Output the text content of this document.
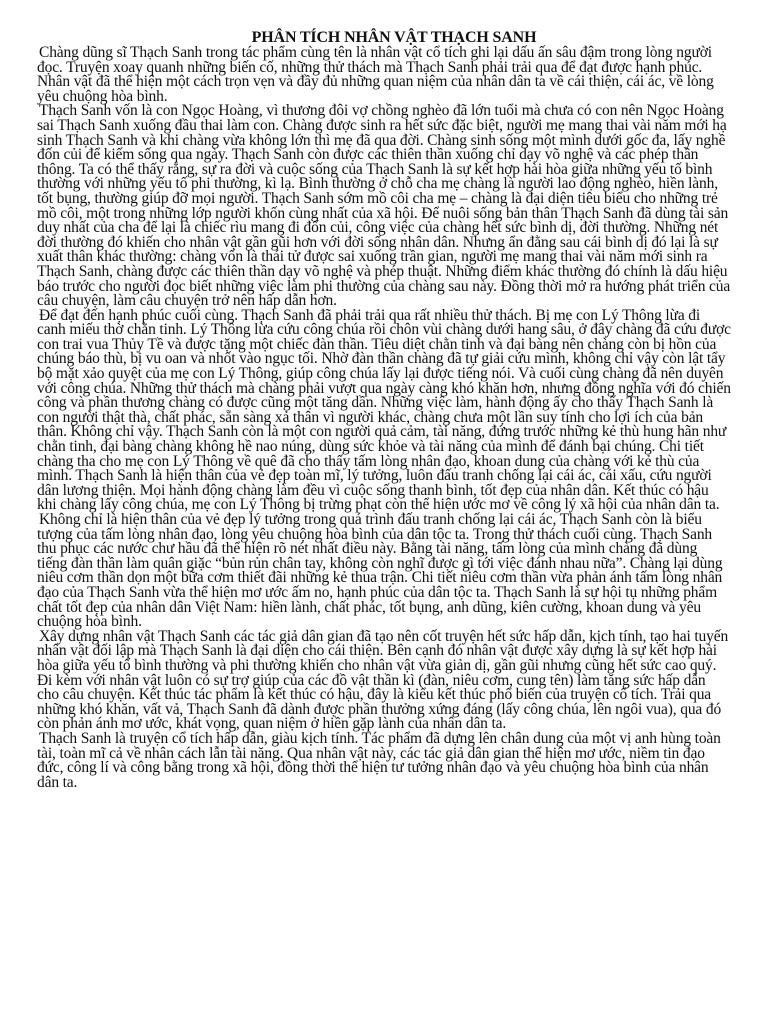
PHÂN TÍCH NHÂN VẬT THẠCH SANH

Chàng dũng sĩ Thạch Sanh trong tác phẩm cùng tên là nhân vật cổ tích ghi lại dấu ấn sâu đậm trong lòng người đọc. Truyện xoay quanh những biến cố, những thử thách mà Thạch Sanh phải trải qua để đạt được hạnh phúc. Nhân vật đã thể hiện một cách trọn vẹn và đầy đủ những quan niệm của nhân dân ta về cái thiện, cái ác, về lòng yêu chuộng hòa bình.

Thạch Sanh vốn là con Ngọc Hoàng, vì thương đôi vợ chồng nghèo đã lớn tuổi mà chưa có con nên Ngọc Hoàng sai Thạch Sanh xuống đầu thai làm con. Chàng được sinh ra hết sức đặc biệt, người mẹ mang thai vài năm mới hạ sinh Thạch Sanh và khi chàng vừa không lớn thì mẹ đã qua đời. Chàng sinh sống một mình dưới gốc đa, lấy nghề đốn củi để kiếm sống qua ngày. Thạch Sanh còn được các thiên thần xuống chỉ dạy võ nghệ và các phép thần thông. Ta có thể thấy rằng, sự ra đời và cuộc sống của Thạch Sanh là sự kết hợp hài hòa giữa những yếu tố bình thường với những yếu tố phi thường, kì lạ. Bình thường ở chỗ cha mẹ chàng là người lao động nghèo, hiền lành, tốt bụng, thường giúp đỡ mọi người. Thạch Sanh sớm mồ côi cha mẹ – chàng là đại diện tiêu biểu cho những trẻ mồ côi, một trong những lớp người khốn cùng nhất của xã hội. Để nuôi sống bản thân Thạch Sanh đã dùng tài sản duy nhất của cha để lại là chiếc rìu mang đi đốn củi, công việc của chàng hết sức bình dị, đời thường. Những nét đời thường đó khiến cho nhân vật gần gũi hơn với đời sống nhân dân. Nhưng ẩn đằng sau cái bình dị đó lại là sự xuất thân khác thường: chàng vốn là thái tử được sai xuống trần gian, người mẹ mang thai vài năm mới sinh ra Thạch Sanh, chàng được các thiên thần dạy võ nghệ và phép thuật. Những điểm khác thường đó chính là dấu hiệu báo trước cho người đọc biết những việc làm phi thường của chàng sau này. Đồng thời mở ra hướng phát triển của câu chuyện, làm câu chuyện trở nên hấp dẫn hơn.

Để đạt đến hạnh phúc cuối cùng. Thạch Sanh đã phải trải qua rất nhiều thử thách. Bị mẹ con Lý Thông lừa đi canh miếu thờ chằn tinh. Lý Thông lừa cứu công chúa rồi chôn vùi chàng dưới hang sâu, ở đây chàng đã cứu được con trai vua Thủy Tề và được tặng một chiếc đàn thần. Tiêu diệt chằn tinh và đại bàng nên chàng còn bị hồn của chúng báo thù, bị vu oan và nhốt vào ngục tối. Nhờ đàn thần chàng đã tự giải cứu mình, không chỉ vậy còn lật tẩy bộ mặt xảo quyệt của mẹ con Lý Thông, giúp công chúa lấy lại được tiếng nói. Và cuối cùng chàng đã nên duyên với công chúa. Những thử thách mà chàng phải vượt qua ngày càng khó khăn hơn, nhưng đồng nghĩa với đó chiến công và phần thương chàng có được cũng một tăng dần. Những việc làm, hành động ấy cho thấy Thạch Sanh là con người thật thà, chất phác, sẵn sàng xả thân vì người khác, chàng chưa một lần suy tính cho lợi ích của bản thân. Không chỉ vậy. Thạch Sanh còn là một con người quả cảm, tài năng, đứng trước những kẻ thù hung hãn như chằn tinh, đại bàng chàng không hề nao núng, dùng sức khỏe và tài năng của mình để đánh bại chúng. Chi tiết chàng tha cho mẹ con Lý Thông về quê đã cho thấy tấm lòng nhân đạo, khoan dung của chàng với kẻ thù của mình. Thạch Sanh là hiện thân của vẻ đẹp toàn mĩ, lý tưởng, luôn đấu tranh chống lại cái ác, cái xấu, cứu người dân lương thiện. Mọi hành động chàng làm đều vì cuộc sống thanh bình, tốt đẹp của nhân dân. Kết thúc có hậu khi chàng lấy công chúa, mẹ con Lý Thông bị trừng phạt còn thể hiện ước mơ về công lý xã hội của nhân dân ta.

Không chỉ là hiện thân của vẻ đẹp lý tưởng trong quá trình đấu tranh chống lại cái ác, Thạch Sanh còn là biểu tượng của tấm lòng nhân đạo, lòng yêu chuộng hòa bình của dân tộc ta. Trong thử thách cuối cùng. Thạch Sanh thu phục các nước chư hầu đã thể hiện rõ nét nhất điều này. Bằng tài năng, tấm lòng của mình chàng đã dùng tiếng đàn thần làm quân giặc “bủn rủn chân tay, không còn nghĩ được gì tới việc đánh nhau nữa”. Chàng lại dùng niêu cơm thần dọn một bữa cơm thiết đãi những kẻ thua trận. Chi tiết niêu cơm thần vừa phản ánh tấm lòng nhân đạo của Thạch Sanh vừa thể hiện mơ ước ấm no, hạnh phúc của dân tộc ta. Thạch Sanh là sự hội tụ những phẩm chất tốt đẹp của nhân dân Việt Nam: hiền lành, chất phác, tốt bụng, anh dũng, kiên cường, khoan dung và yêu chuộng hòa bình.

Xây dựng nhân vật Thạch Sanh các tác giả dân gian đã tạo nên cốt truyện hết sức hấp dẫn, kịch tính, tạo hai tuyến nhân vật đối lập mà Thạch Sanh là đại diện cho cái thiện. Bên cạnh đó nhân vật được xây dựng là sự kết hợp hài hòa giữa yếu tố bình thường và phi thường khiến cho nhân vật vừa giản dị, gần gũi nhưng cũng hết sức cao quý. Đi kèm với nhân vật luôn có sự trợ giúp của các đồ vật thần kì (đàn, niêu cơm, cung tên) làm tăng sức hấp dẫn cho câu chuyện. Kết thúc tác phẩm là kết thúc có hậu, đây là kiểu kết thúc phổ biến của truyện cổ tích. Trải qua những khó khăn, vất vả, Thạch Sanh đã dành được phần thưởng xứng đáng (lấy công chúa, lên ngôi vua), qua đó còn phản ánh mơ ước, khát vọng, quan niệm ở hiền gặp lành của nhân dân ta.

Thạch Sanh là truyện cổ tích hấp dẫn, giàu kịch tính. Tác phẩm đã dựng lên chân dung của một vị anh hùng toàn tài, toàn mĩ cả về nhân cách lẫn tài năng. Qua nhân vật này, các tác giả dân gian thể hiện mơ ước, niềm tin đạo đức, công lí và công bằng trong xã hội, đồng thời thể hiện tư tưởng nhân đạo và yêu chuộng hòa bình của nhân dân ta.
